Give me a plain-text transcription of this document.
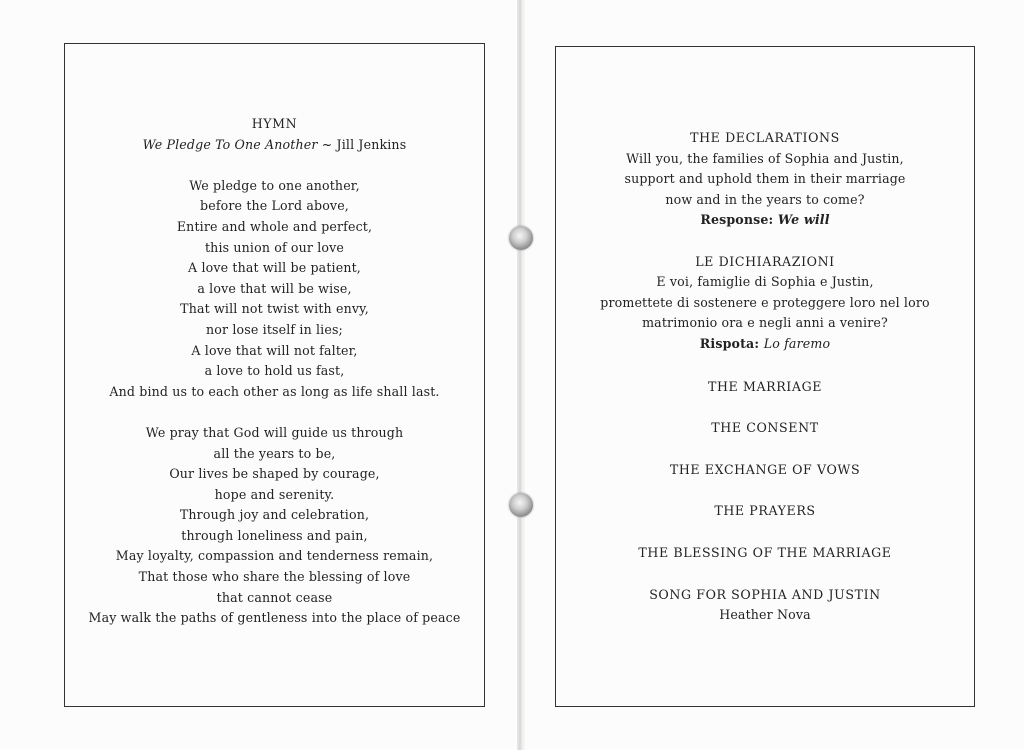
HYMN
We Pledge To One Another ~ Jill Jenkins
We pledge to one another,
before the Lord above,
Entire and whole and perfect,
this union of our love
A love that will be patient,
a love that will be wise,
That will not twist with envy,
nor lose itself in lies;
A love that will not falter,
a love to hold us fast,
And bind us to each other as long as life shall last.
We pray that God will guide us through
all the years to be,
Our lives be shaped by courage,
hope and serenity.
Through joy and celebration,
through loneliness and pain,
May loyalty, compassion and tenderness remain,
That those who share the blessing of love
that cannot cease
May walk the paths of gentleness into the place of peace
THE DECLARATIONS
Will you, the families of Sophia and Justin,
support and uphold them in their marriage
now and in the years to come?
Response: We will
LE DICHIARAZIONI
E voi, famiglie di Sophia e Justin,
promettete di sostenere e proteggere loro nel loro
matrimonio ora e negli anni a venire?
Rispota: Lo faremo
THE MARRIAGE
THE CONSENT
THE EXCHANGE OF VOWS
THE PRAYERS
THE BLESSING OF THE MARRIAGE
SONG FOR SOPHIA AND JUSTIN
Heather Nova
